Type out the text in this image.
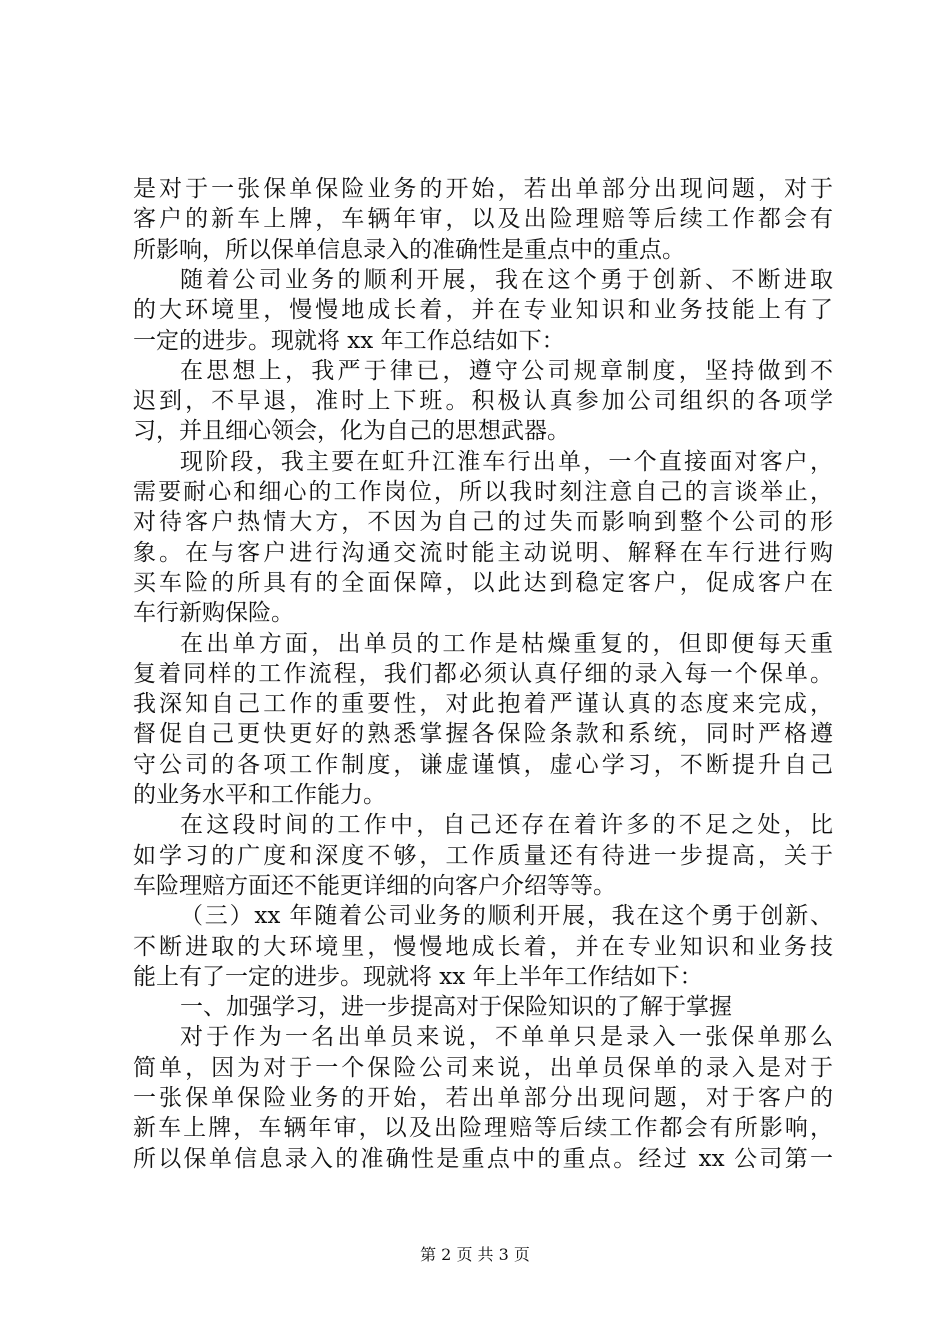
是对于一张保单保险业务的开始，若出单部分出现问题，对于
客户的新车上牌，车辆年审，以及出险理赔等后续工作都会有
所影响，所以保单信息录入的准确性是重点中的重点。
随着公司业务的顺利开展，我在这个勇于创新、不断进取
的大环境里，慢慢地成长着，并在专业知识和业务技能上有了
一定的进步。现就将 xx 年工作总结如下：
在思想上，我严于律已，遵守公司规章制度，坚持做到不
迟到，不早退，准时上下班。积极认真参加公司组织的各项学
习，并且细心领会，化为自己的思想武器。
现阶段，我主要在虹升江淮车行出单，一个直接面对客户，
需要耐心和细心的工作岗位，所以我时刻注意自己的言谈举止，
对待客户热情大方，不因为自己的过失而影响到整个公司的形
象。在与客户进行沟通交流时能主动说明、解释在车行进行购
买车险的所具有的全面保障，以此达到稳定客户，促成客户在
车行新购保险。
在出单方面，出单员的工作是枯燥重复的，但即便每天重
复着同样的工作流程，我们都必须认真仔细的录入每一个保单。
我深知自己工作的重要性，对此抱着严谨认真的态度来完成，
督促自己更快更好的熟悉掌握各保险条款和系统，同时严格遵
守公司的各项工作制度，谦虚谨慎，虚心学习，不断提升自己
的业务水平和工作能力。
在这段时间的工作中，自己还存在着许多的不足之处，比
如学习的广度和深度不够，工作质量还有待进一步提高，关于
车险理赔方面还不能更详细的向客户介绍等等。
（三）xx 年随着公司业务的顺利开展，我在这个勇于创新、
不断进取的大环境里，慢慢地成长着，并在专业知识和业务技
能上有了一定的进步。现就将 xx 年上半年工作结如下：
一、加强学习，进一步提高对于保险知识的了解于掌握
对于作为一名出单员来说，不单单只是录入一张保单那么
简单，因为对于一个保险公司来说，出单员保单的录入是对于
一张保单保险业务的开始，若出单部分出现问题，对于客户的
新车上牌，车辆年审，以及出险理赔等后续工作都会有所影响，
所以保单信息录入的准确性是重点中的重点。经过 xx 公司第一
第 2 页 共 3 页
